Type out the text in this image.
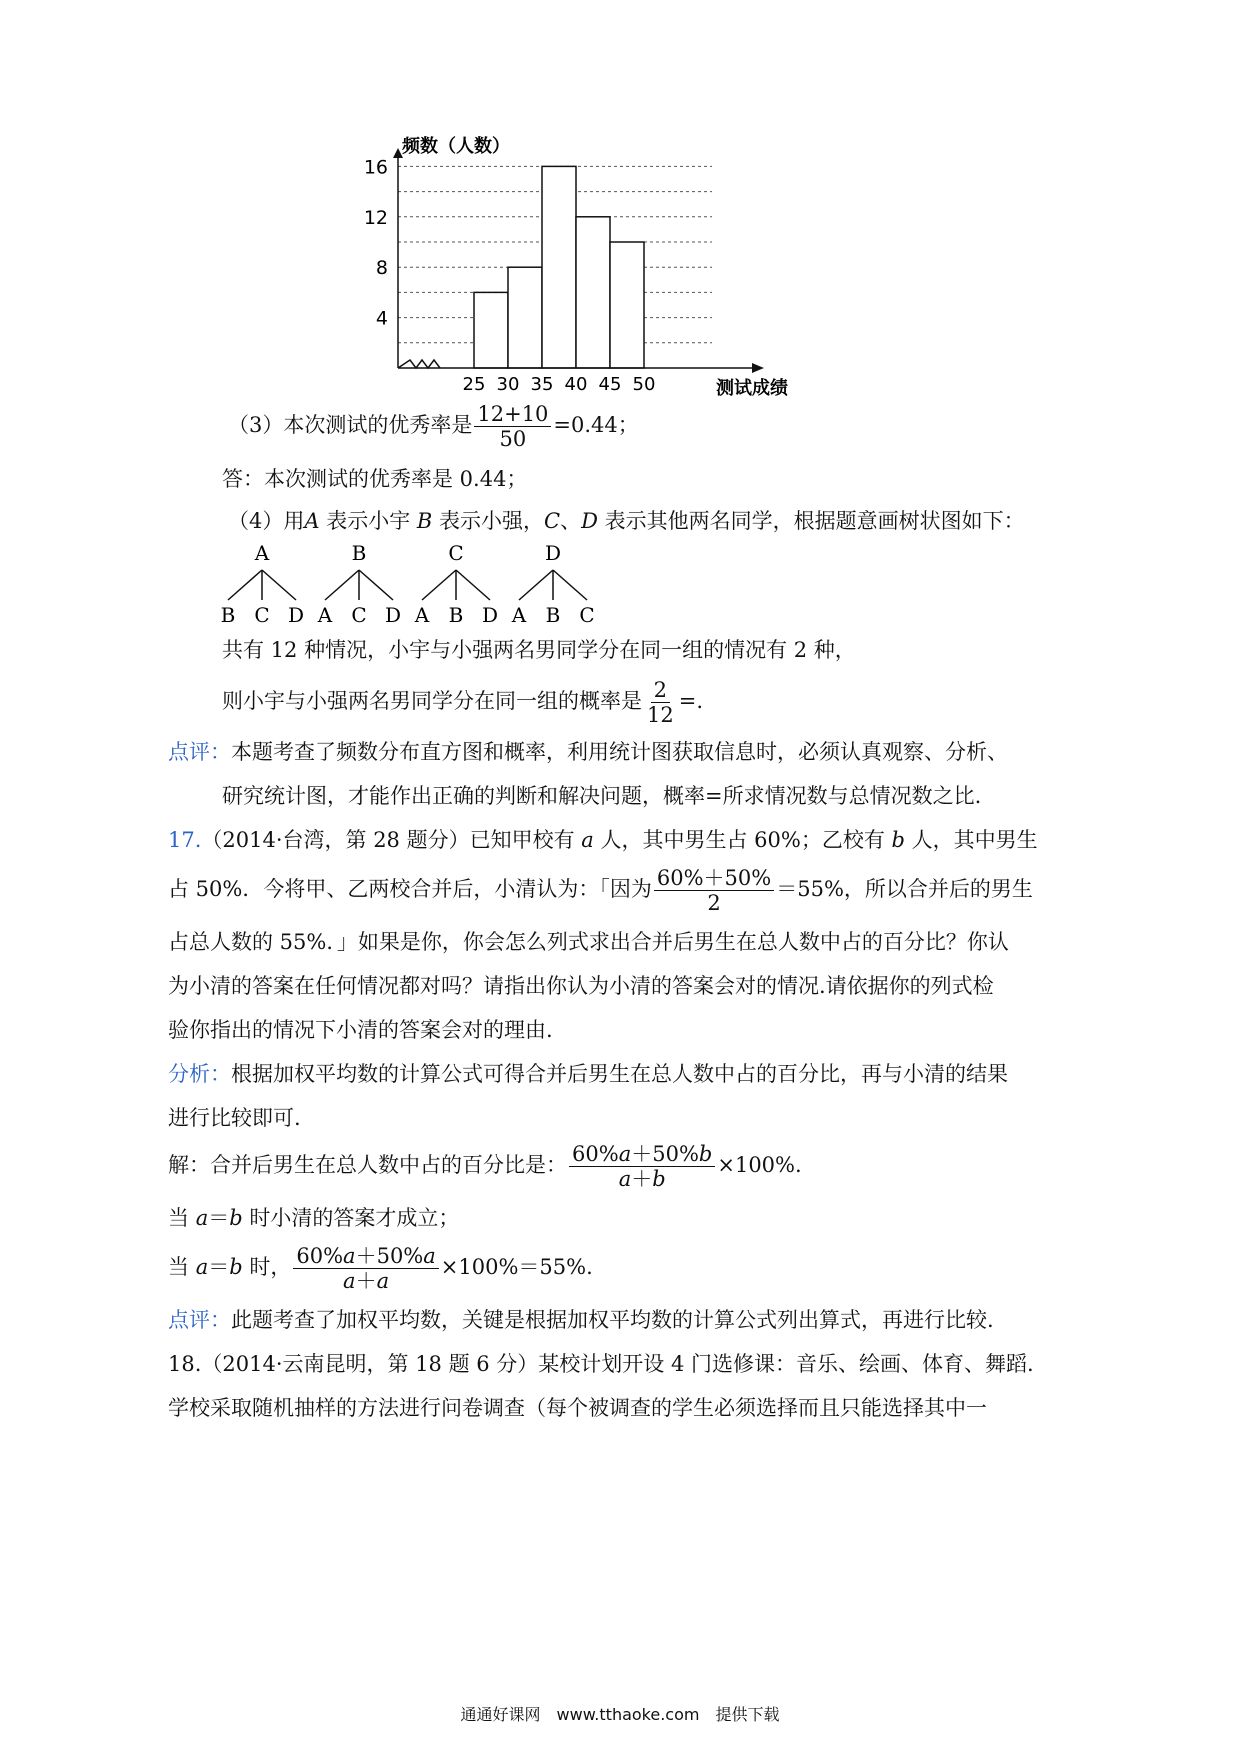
4
8
12
16
25 30 35 40 45 50
频数（人数）
测试成绩
（3）本次测试的优秀率是 $\frac{12+10}{50} =0.44$；
答：本次测试的优秀率是 0.44；
（4）用A 表示小宇 B 表示小强，C、D 表示其他两名同学，根据题意画树状图如下：
A
B C D
B
A C D
C
A B D
D
A B C
共有 12 种情况，小宇与小强两名男同学分在同一组的情况有 2 种，
则小宇与小强两名男同学分在同一组的概率是 $\frac{2}{12}$ =.
点评：本题考查了频数分布直方图和概率，利用统计图获取信息时，必须认真观察、分析、
研究统计图，才能作出正确的判断和解决问题，概率=所求情况数与总情况数之比.
17.（2014·台湾，第 28 题分）已知甲校有 a 人，其中男生占 60%；乙校有 b 人，其中男生
占 50%．今将甲、乙两校合并后，小清认为：「因为 $\frac{60\%+50\%}{2} =55\%$，所以合并后的男生
占总人数的 55%．」如果是你，你会怎么列式求出合并后男生在总人数中占的百分比？你认
为小清的答案在任何情况都对吗？请指出你认为小清的答案会对的情况.请依据你的列式检
验你指出的情况下小清的答案会对的理由.
分析：根据加权平均数的计算公式可得合并后男生在总人数中占的百分比，再与小清的结果
进行比较即可.
解：合并后男生在总人数中占的百分比是： $\frac{60\%a+50\%b}{a+b} \times 100\%$.
当 a＝b 时小清的答案才成立；
当 a＝b 时， $\frac{60\%a+50\%a}{a+a} \times 100\%=55\%$.
点评：此题考查了加权平均数，关键是根据加权平均数的计算公式列出算式，再进行比较.
18.（2014·云南昆明，第 18 题 6 分）某校计划开设 4 门选修课：音乐、绘画、体育、舞蹈.
学校采取随机抽样的方法进行问卷调查（每个被调查的学生必须选择而且只能选择其中一
通通好课网　www.tthaoke.com　提供下载
